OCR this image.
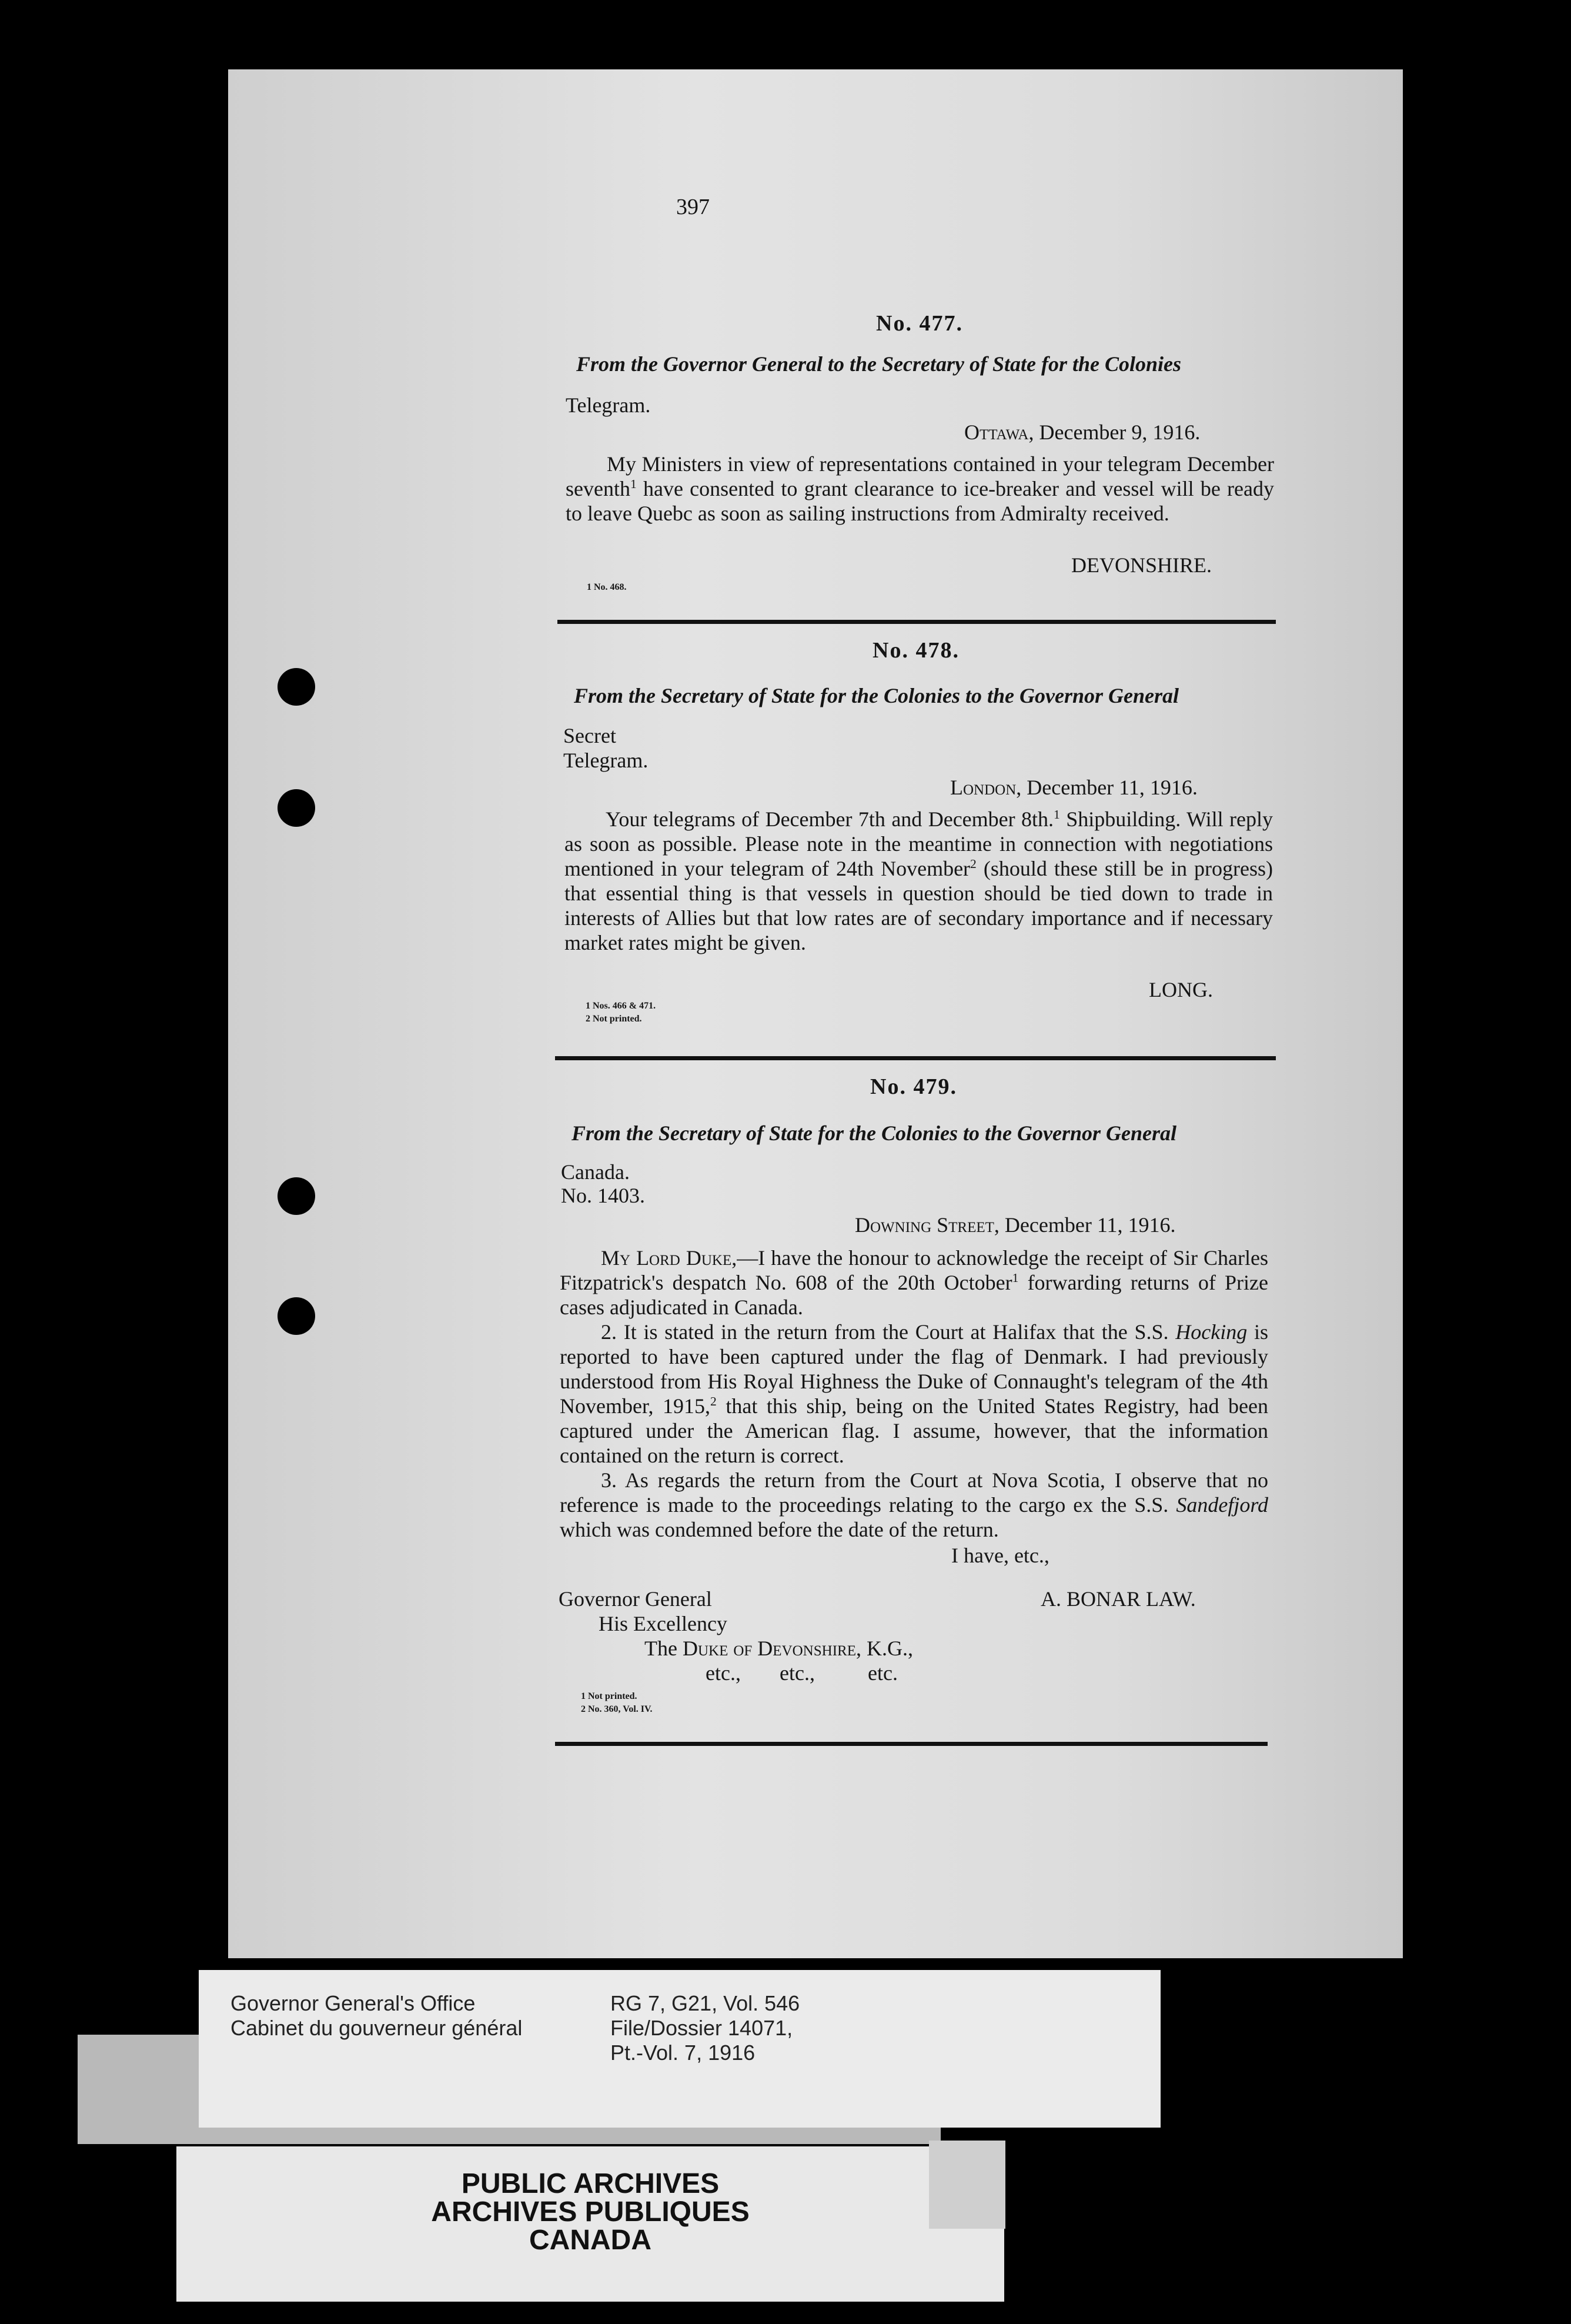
397
No. 477.
From the Governor General to the Secretary of State for the Colonies
Telegram.
Ottawa, December 9, 1916.
My Ministers in view of representations contained in your telegram December seventh$^1$ have consented to grant clearance to ice-breaker and vessel will be ready to leave Quebc as soon as sailing instructions from Admiralty received.
DEVONSHIRE.
1 No. 468.
No. 478.
From the Secretary of State for the Colonies to the Governor General
Secret
Telegram.
London, December 11, 1916.
Your telegrams of December 7th and December 8th.$^1$ Shipbuilding. Will reply as soon as possible. Please note in the meantime in connection with negotiations mentioned in your telegram of 24th November$^2$ (should these still be in progress) that essential thing is that vessels in question should be tied down to trade in interests of Allies but that low rates are of secondary importance and if necessary market rates might be given.
LONG.
1 Nos. 466 & 471.
2 Not printed.
No. 479.
From the Secretary of State for the Colonies to the Governor General
Canada.
No. 1403.
Downing Street, December 11, 1916.
My Lord Duke,—I have the honour to acknowledge the receipt of Sir Charles Fitzpatrick's despatch No. 608 of the 20th October$^1$ forwarding returns of Prize cases adjudicated in Canada.
2. It is stated in the return from the Court at Halifax that the S.S. Hocking is reported to have been captured under the flag of Denmark. I had previously understood from His Royal Highness the Duke of Connaught's telegram of the 4th November, 1915,$^2$ that this ship, being on the United States Registry, had been captured under the American flag. I assume, however, that the information contained on the return is correct.
3. As regards the return from the Court at Nova Scotia, I observe that no reference is made to the proceedings relating to the cargo ex the S.S. Sandefjord which was condemned before the date of the return.
I have, etc.,
Governor General	A. BONAR LAW.
His Excellency
The Duke of Devonshire, K.G.,
etc., etc.,	etc.
1 Not printed.
2 No. 360, Vol. IV.
Governor General's Office
Cabinet du gouverneur général
RG 7, G21, Vol. 546
File/Dossier 14071,
Pt.-Vol. 7, 1916
PUBLIC ARCHIVES
ARCHIVES PUBLIQUES
CANADA
